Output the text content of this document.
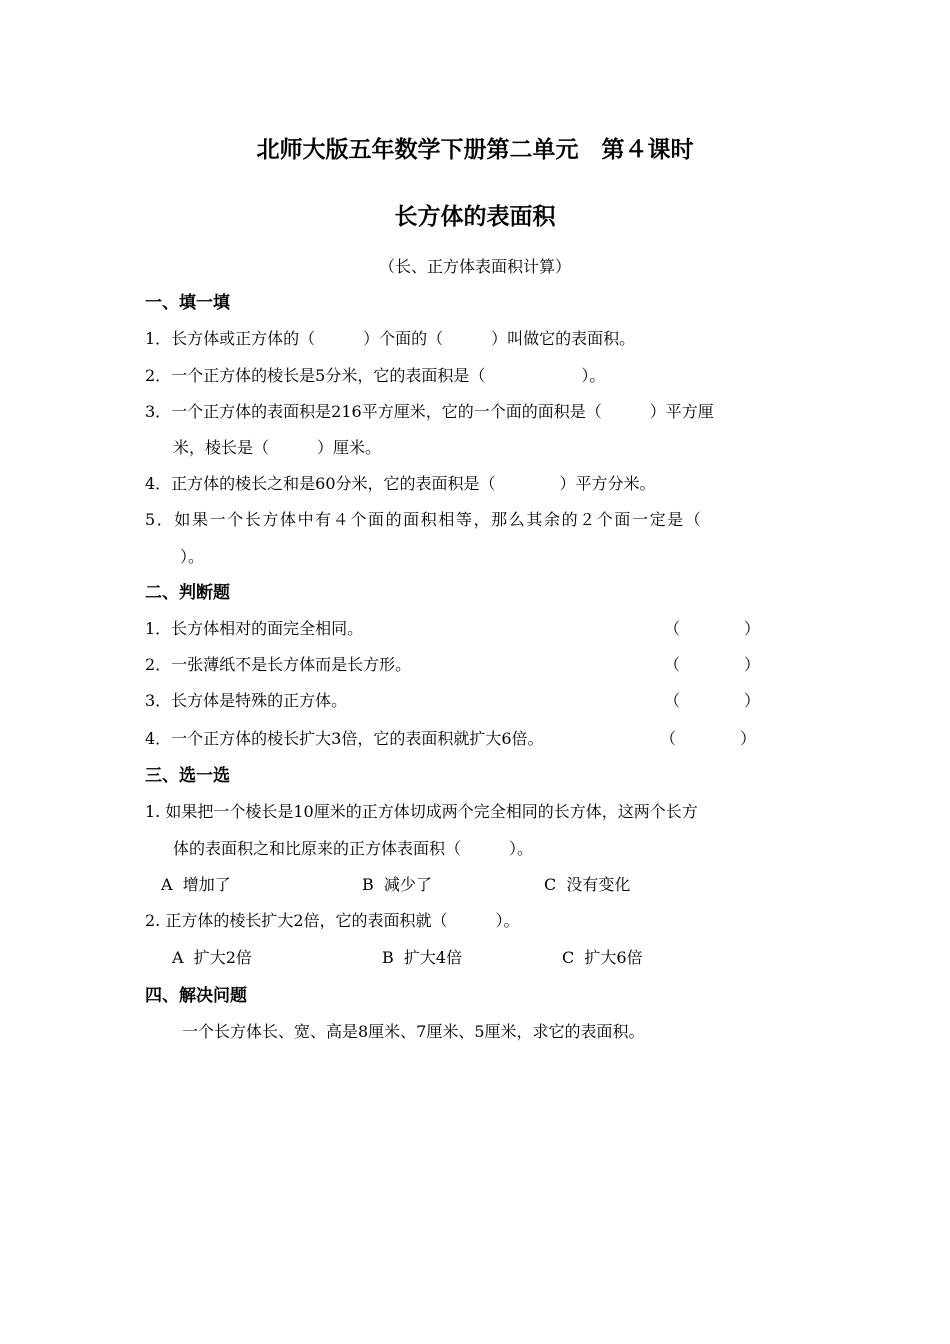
北师大版五年数学下册第二单元　第４课时
长方体的表面积
（长、正方体表面积计算）
一、填一填
1．长方体或正方体的（　　　）个面的（　　　）叫做它的表面积。
2．一个正方体的棱长是5分米，它的表面积是（　　　　　　）。
3．一个正方体的表面积是216平方厘米，它的一个面的面积是（　　　）平方厘
米，棱长是（　　　）厘米。
4．正方体的棱长之和是60分米，它的表面积是（　　　　）平方分米。
5．如果一个长方体中有４个面的面积相等，那么其余的２个面一定是（
）。
二、判断题
1．长方体相对的面完全相同。	（　　　　）
2．一张薄纸不是长方体而是长方形。	（　　　　）
3．长方体是特殊的正方体。	（　　　　）
4．一个正方体的棱长扩大3倍，它的表面积就扩大6倍。	（　　　　）
三、选一选
1. 如果把一个棱长是10厘米的正方体切成两个完全相同的长方体，这两个长方
体的表面积之和比原来的正方体表面积（　　　）。
A  增加了	B  减少了	C  没有变化
2. 正方体的棱长扩大2倍，它的表面积就（　　　）。
A  扩大2倍	B  扩大4倍	C  扩大6倍
四、解决问题
一个长方体长、宽、高是8厘米、7厘米、5厘米，求它的表面积。
